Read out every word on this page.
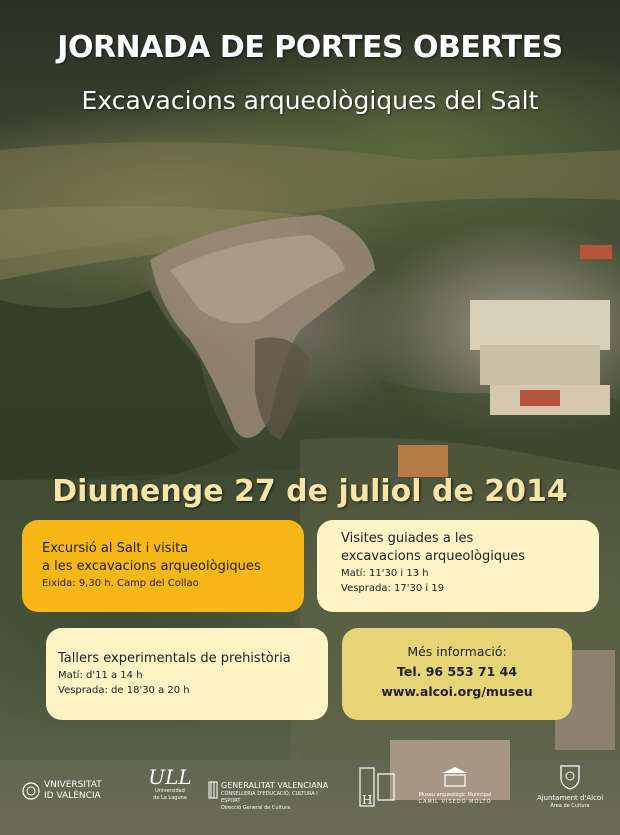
JORNADA DE PORTES OBERTES
Excavacions arqueològiques del Salt
Diumenge 27 de juliol de 2014
Excursió al Salt i visita
a les excavacions arqueològiques
Eixida: 9,30 h. Camp del Collao
Visites guiades a les
excavacions arqueològiques
Matí: 11'30 i 13 h
Vesprada: 17'30 i 19
Tallers experimentals de prehistòria
Matí: d'11 a 14 h
Vesprada: de 18'30 a 20 h
Més informació:
Tel. 96 553 71 44
www.alcoi.org/museu
VNIVERSITAT
ID VALÈNCIA
ULL
Universidad
de La Laguna
GENERALITAT VALENCIANA
CONSELLERIA D'EDUCACIÓ, CULTURA I ESPORT
Direcció General de Cultura
H	Museu arqueològic Municipal
CAMIL VISEDO MOLTÓ	Ajuntament d'Alcoi
Àrea de Cultura
